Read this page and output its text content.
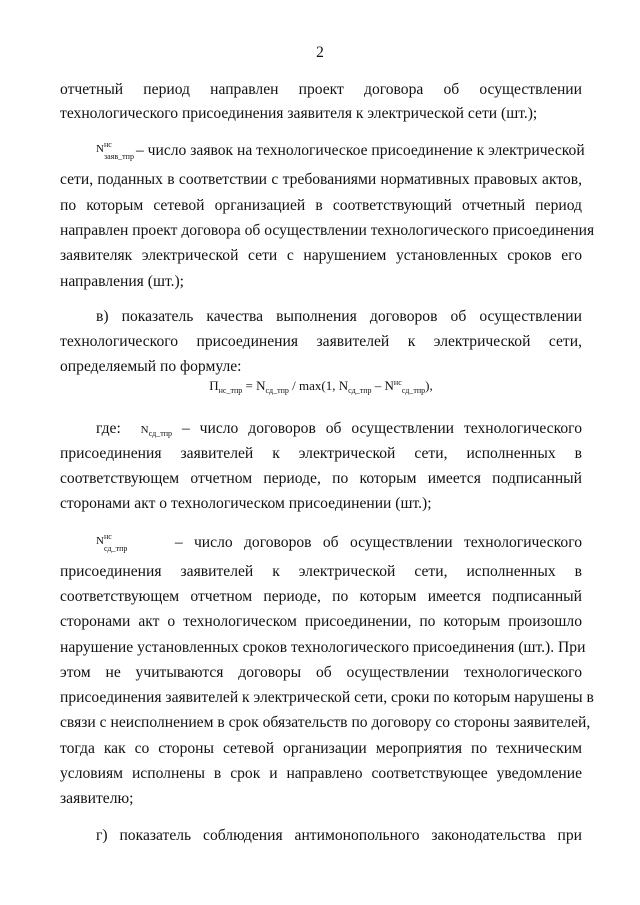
2
отчетный период направлен проект договора об осуществлении
технологического присоединения заявителя к электрической сети (шт.);
Nнс
заяв_тпр – число заявок на технологическое присоединение к электрической
сети, поданных в соответствии с требованиями нормативных правовых актов,
по которым сетевой организацией в соответствующий отчетный период
направлен проект договора об осуществлении технологического присоединения
заявителяк электрической сети с нарушением установленных сроков его
направления (шт.);
в) показатель качества выполнения договоров об осуществлении
технологического присоединения заявителей к электрической сети,
определяемый по формуле:
$П_{нс\_тпр} = N_{сд\_тпр} / \max(1$, $N_{сд\_тпр} - N^{нс}_{сд\_тпр}$),
где: $N_{сд\_тпр}$ – число договоров об осуществлении технологического
присоединения заявителей к электрической сети, исполненных в
соответствующем отчетном периоде, по которым имеется подписанный
сторонами акт о технологическом присоединении (шт.);
Nнс
сд_тпр	– число договоров об осуществлении технологического
присоединения заявителей к электрической сети, исполненных в
соответствующем отчетном периоде, по которым имеется подписанный
сторонами акт о технологическом присоединении, по которым произошло
нарушение установленных сроков технологического присоединения (шт.). При
этом не учитываются договоры об осуществлении технологического
присоединения заявителей к электрической сети, сроки по которым нарушены в
связи с неисполнением в срок обязательств по договору со стороны заявителей,
тогда как со стороны сетевой организации мероприятия по техническим
условиям исполнены в срок и направлено соответствующее уведомление
заявителю;
г) показатель соблюдения антимонопольного законодательства при
